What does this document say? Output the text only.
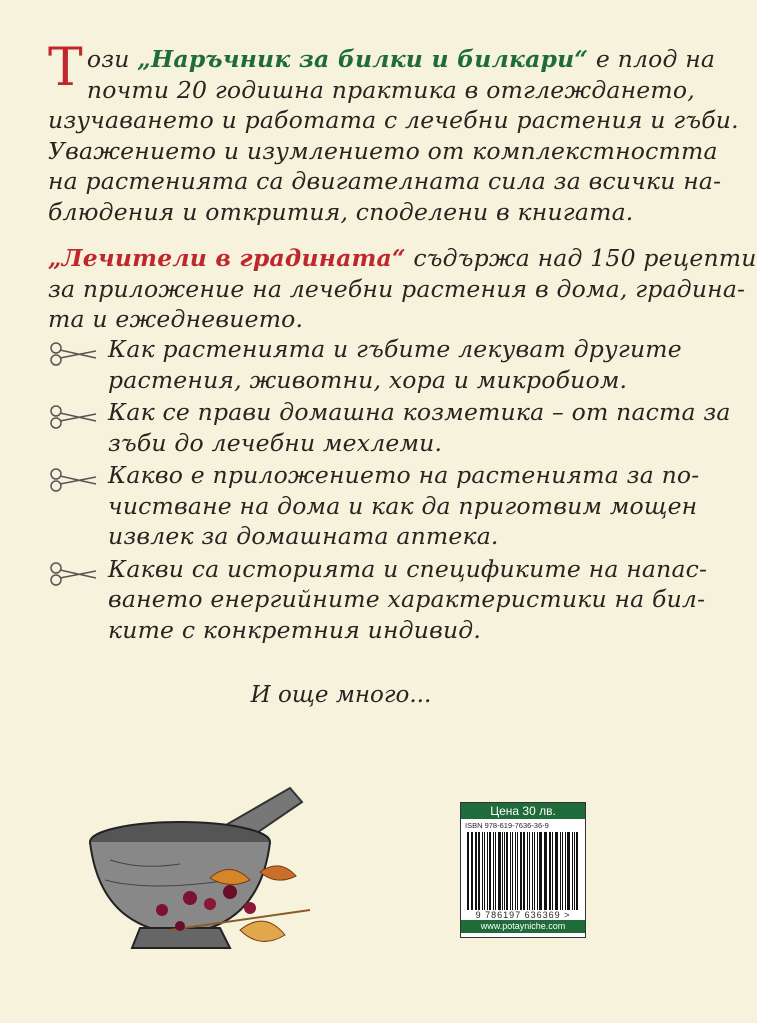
Този „Наръчник за билки и билкари“ е плод на
почти 20 годишна практика в отглеждането,
изучаването и работата с лечебни растения и гъби.
Уважението и изумлението от комплекстността
на растенията са двигателната сила за всички на-
блюдения и открития, споделени в книгата.
„Лечители в градината“ съдържа над 150 рецепти
за приложение на лечебни растения в дома, градина-
та и ежедневието.
Как растенията и гъбите лекуват другите
растения, животни, хора и микробиом.
Как се прави домашна козметика – от паста за
зъби до лечебни мехлеми.
Какво е приложението на растенията за по-
чистване на дома и как да приготвим мощен
извлек за домашната аптека.
Какви са историята и спецификите на напас-
ването енергийните характеристики на бил-
ките с конкретния индивид.
И още много...
Цена 30 лв.
ISBN 978-619-7636-36-9
9 786197 636369 >
www.potayniche.com
